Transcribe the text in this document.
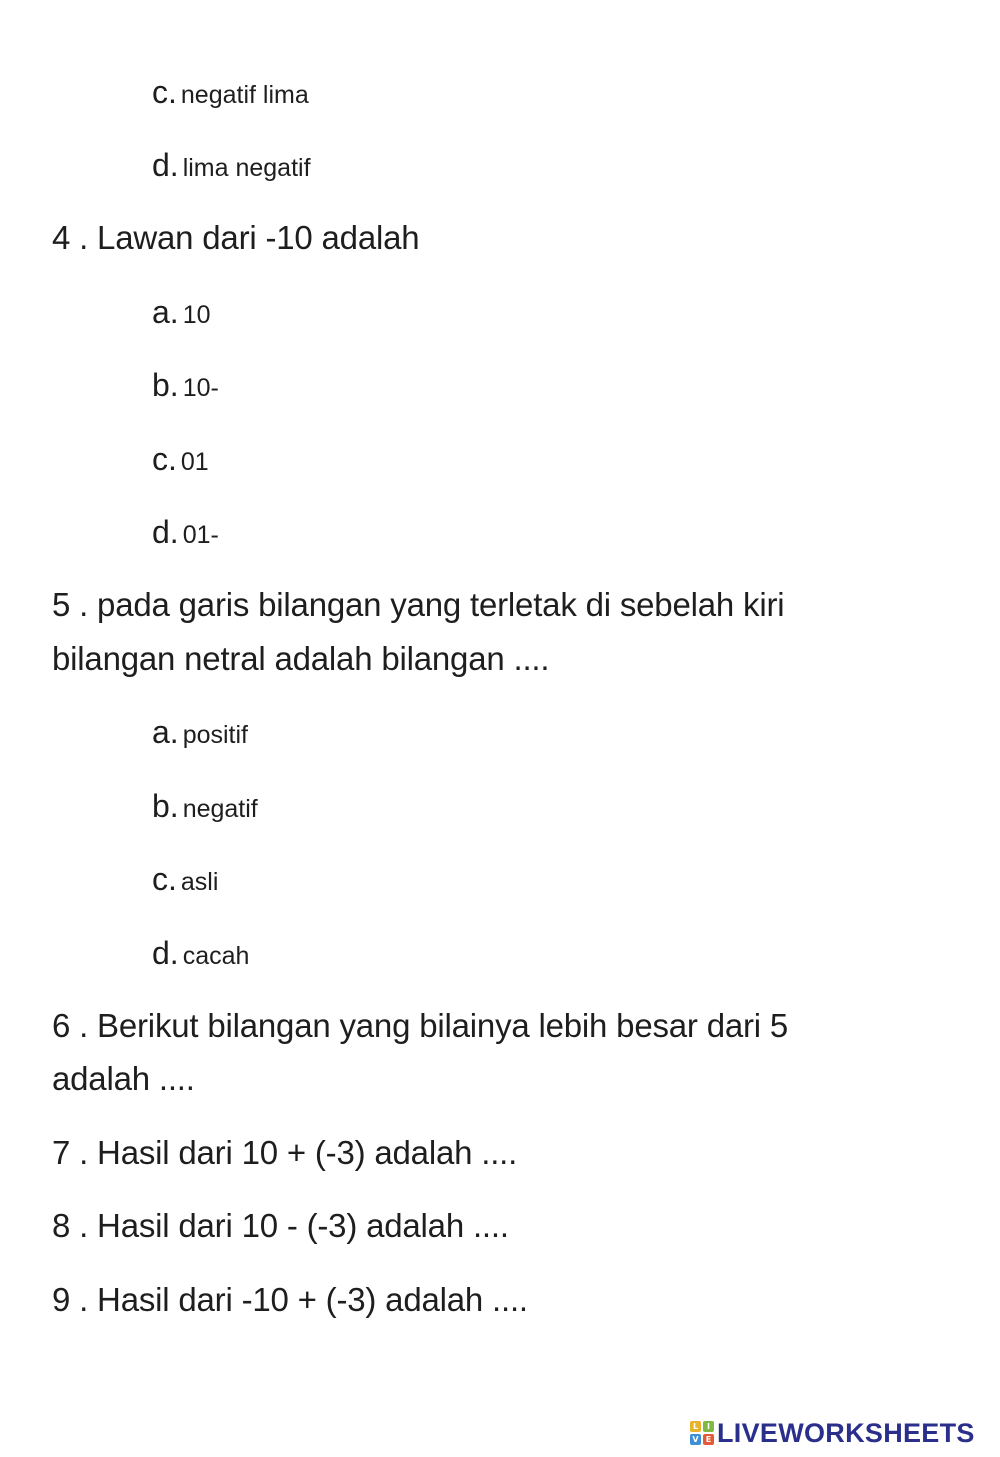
c. negatif lima
d. lima negatif
4 . Lawan dari -10 adalah
a. 10
b. 10-
c. 01
d. 01-
5 . pada garis bilangan yang terletak di sebelah kiri
bilangan netral adalah bilangan ....
a. positif
b. negatif
c. asli
d. cacah
6 . Berikut bilangan yang bilainya lebih besar dari 5
adalah ....
7 . Hasil dari 10 + (-3) adalah ....
8 . Hasil dari 10 - (-3) adalah ....
9 . Hasil dari -10 + (-3) adalah ....
L	I
V E LIVEWORKSHEETS
